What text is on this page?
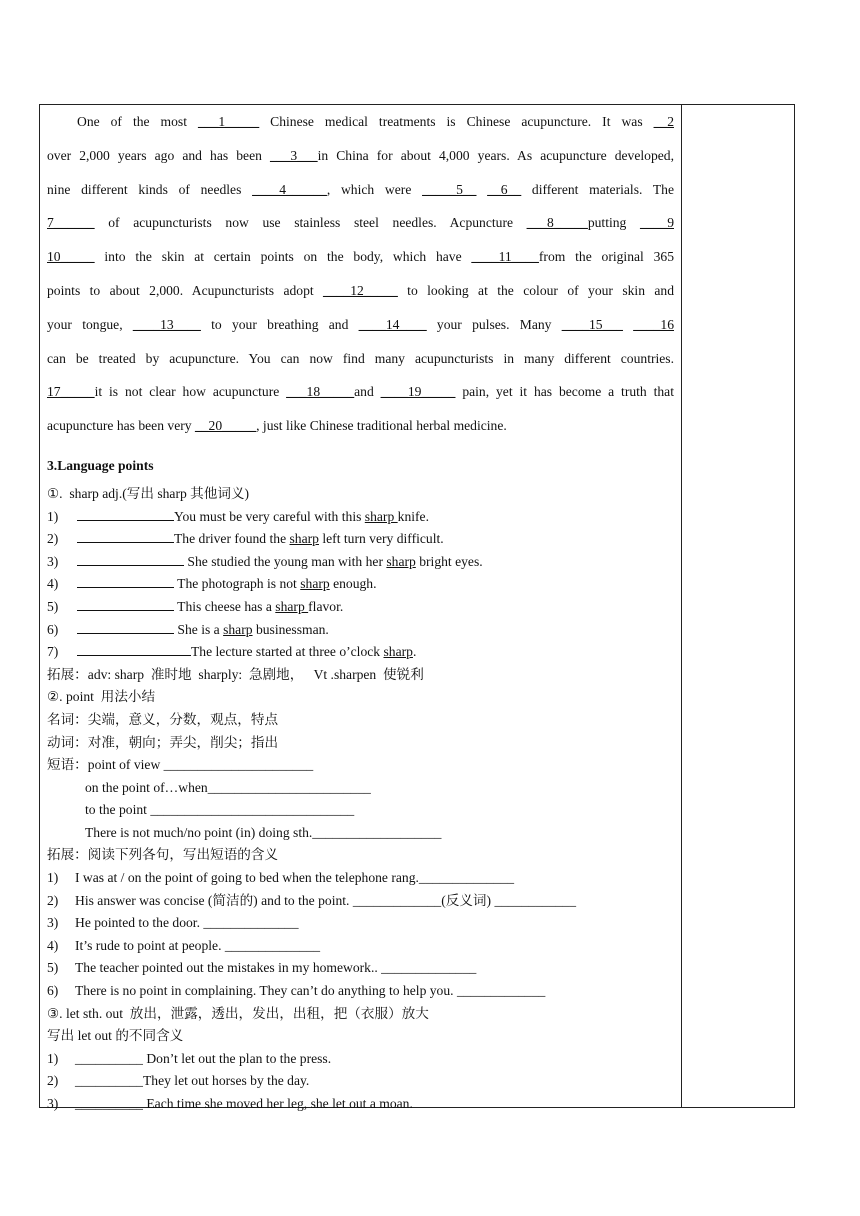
One of the most ___1_____ Chinese medical treatments is Chinese acupuncture. It was __2

over 2,000 years ago and has been ___3___in China for about 4,000 years. As acupuncture developed,

nine different kinds of needles ____4______, which were _____5__ __6__ different materials. The

7______ of acupuncturists now use stainless steel needles. Acpuncture ___8_____putting ____9

10_____ into the skin at certain points on the body, which have ____11____from the original 365

points to about 2,000. Acupuncturists adopt ____12_____ to looking at the colour of your skin and

your tongue, ____13____ to your breathing and ____14____ your pulses. Many ____15___ ____16

can be treated by acupuncture. You can now find many acupuncturists in many different countries.

17_____it is not clear how acupuncture ___18_____and ____19_____ pain, yet it has become a truth that

acupuncture has been very __20_____, just like Chinese traditional herbal medicine.

3.Language points
①.  sharp adj.(写出 sharp 其他词义)
1)	You must be very careful with this sharp knife.
2)	The driver found the sharp left turn very difficult.
3)	She studied the young man with her sharp bright eyes.
4)	The photograph is not sharp enough.
5)	This cheese has a sharp flavor.
6)	She is a sharp businessman.
7)	The lecture started at three o’clock sharp.
拓展：adv: sharp  准时地  sharply:  急剧地，   Vt .sharpen  使锐利
②. point  用法小结
名词：尖端，意义，分数，观点，特点
动词：对准，朝向；弄尖，削尖；指出
短语：point of view ______________________
on the point of…when________________________
to the point ______________________________
There is not much/no point (in) doing sth.___________________
拓展：阅读下列各句，写出短语的含义
1) I was at / on the point of going to bed when the telephone rang.______________
2) His answer was concise (简洁的) and to the point. _____________(反义词) ____________
3) He pointed to the door. ______________
4) It’s rude to point at people. ______________
5) The teacher pointed out the mistakes in my homework.. ______________
6) There is no point in complaining. They can’t do anything to help you. _____________
③. let sth. out  放出，泄露，透出，发出，出租，把（衣服）放大
写出 let out 的不同含义
1) __________ Don’t let out the plan to the press.
2) __________They let out horses by the day.
3) __________ Each time she moved her leg, she let out a moan.
